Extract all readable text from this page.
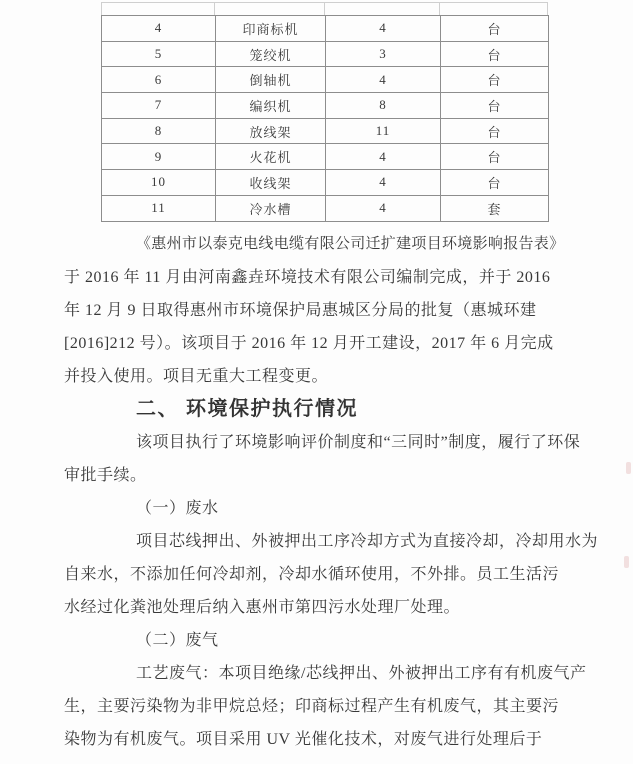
4	印商标机	4	台
5	笼绞机	3	台
6	倒轴机	4	台
7	编织机	8	台
8	放线架	11	台
9	火花机	4	台
10	收线架	4	台
11	冷水槽	4	套
《惠州市以泰克电线电缆有限公司迁扩建项目环境影响报告表》
于 2016 年 11 月由河南鑫垚环境技术有限公司编制完成，并于 2016
年 12 月 9 日取得惠州市环境保护局惠城区分局的批复（惠城环建
[2016]212 号）。该项目于 2016 年 12 月开工建设，2017 年 6 月完成
并投入使用。项目无重大工程变更。
二、 环境保护执行情况
该项目执行了环境影响评价制度和“三同时”制度，履行了环保
审批手续。
（一）废水
项目芯线押出、外被押出工序冷却方式为直接冷却，冷却用水为
自来水，不添加任何冷却剂，冷却水循环使用，不外排。员工生活污
水经过化粪池处理后纳入惠州市第四污水处理厂处理。
（二）废气
工艺废气：本项目绝缘/芯线押出、外被押出工序有有机废气产
生，主要污染物为非甲烷总烃；印商标过程产生有机废气，其主要污
染物为有机废气。项目采用 UV 光催化技术，对废气进行处理后于
